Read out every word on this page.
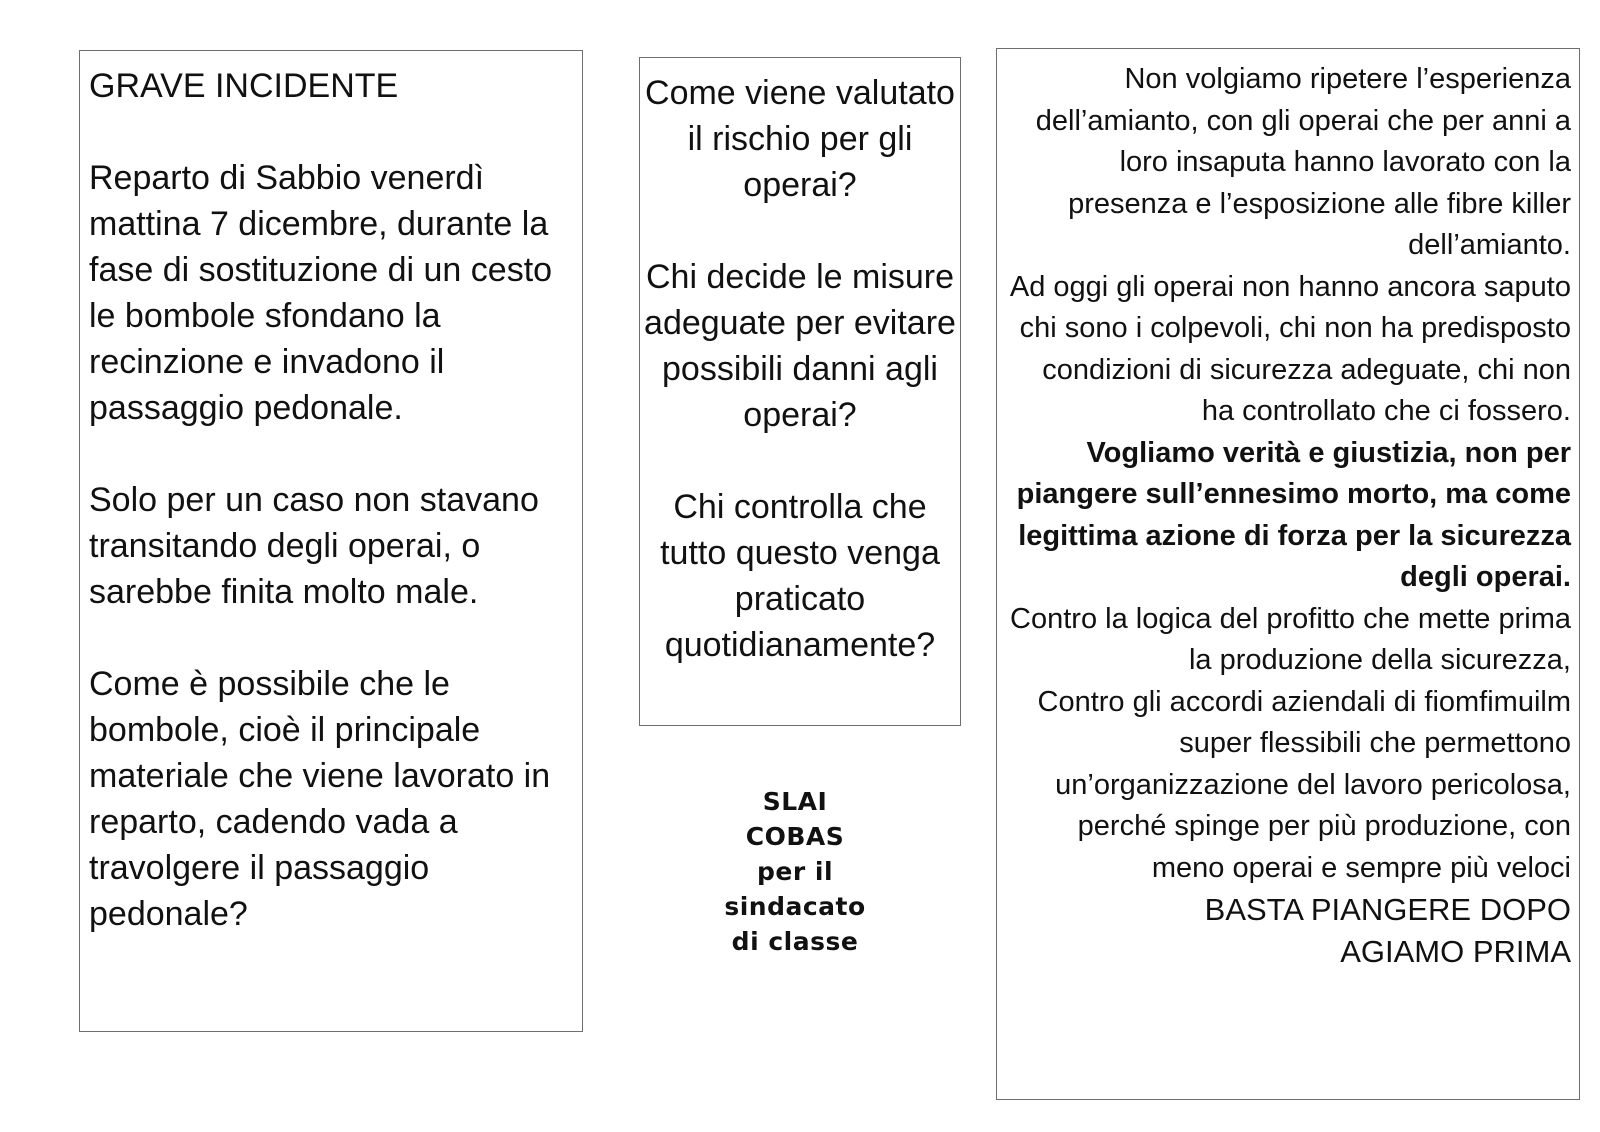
GRAVE INCIDENTE

Reparto di Sabbio venerdì mattina 7 dicembre, durante la fase di sostituzione di un cesto le bombole sfondano la recinzione e invadono il passaggio pedonale.

Solo per un caso non stavano transitando degli operai, o sarebbe finita molto male.

Come è possibile che le bombole, cioè il principale materiale che viene lavorato in reparto, cadendo vada a travolgere il passaggio pedonale?

Come viene valutato il rischio per gli operai?

Chi decide le misure adeguate per evitare possibili danni agli operai?

Chi controlla che tutto questo venga praticato quotidianamente?

SLAI
COBAS
per il
sindacato
di classe

Non volgiamo ripetere l’esperienza dell’amianto, con gli operai che per anni a loro insaputa hanno lavorato con la presenza e l’esposizione alle fibre killer dell’amianto.

Ad oggi gli operai non hanno ancora saputo chi sono i colpevoli, chi non ha predisposto condizioni di sicurezza adeguate, chi non ha controllato che ci fossero.

Vogliamo verità e giustizia, non per piangere sull’ennesimo morto, ma come legittima azione di forza per la sicurezza degli operai.

Contro la logica del profitto che mette prima la produzione della sicurezza,

Contro gli accordi aziendali di fiomfimuilm super flessibili che permettono un’organizzazione del lavoro pericolosa, perché spinge per più produzione, con meno operai e sempre più veloci

BASTA PIANGERE DOPO

AGIAMO PRIMA
